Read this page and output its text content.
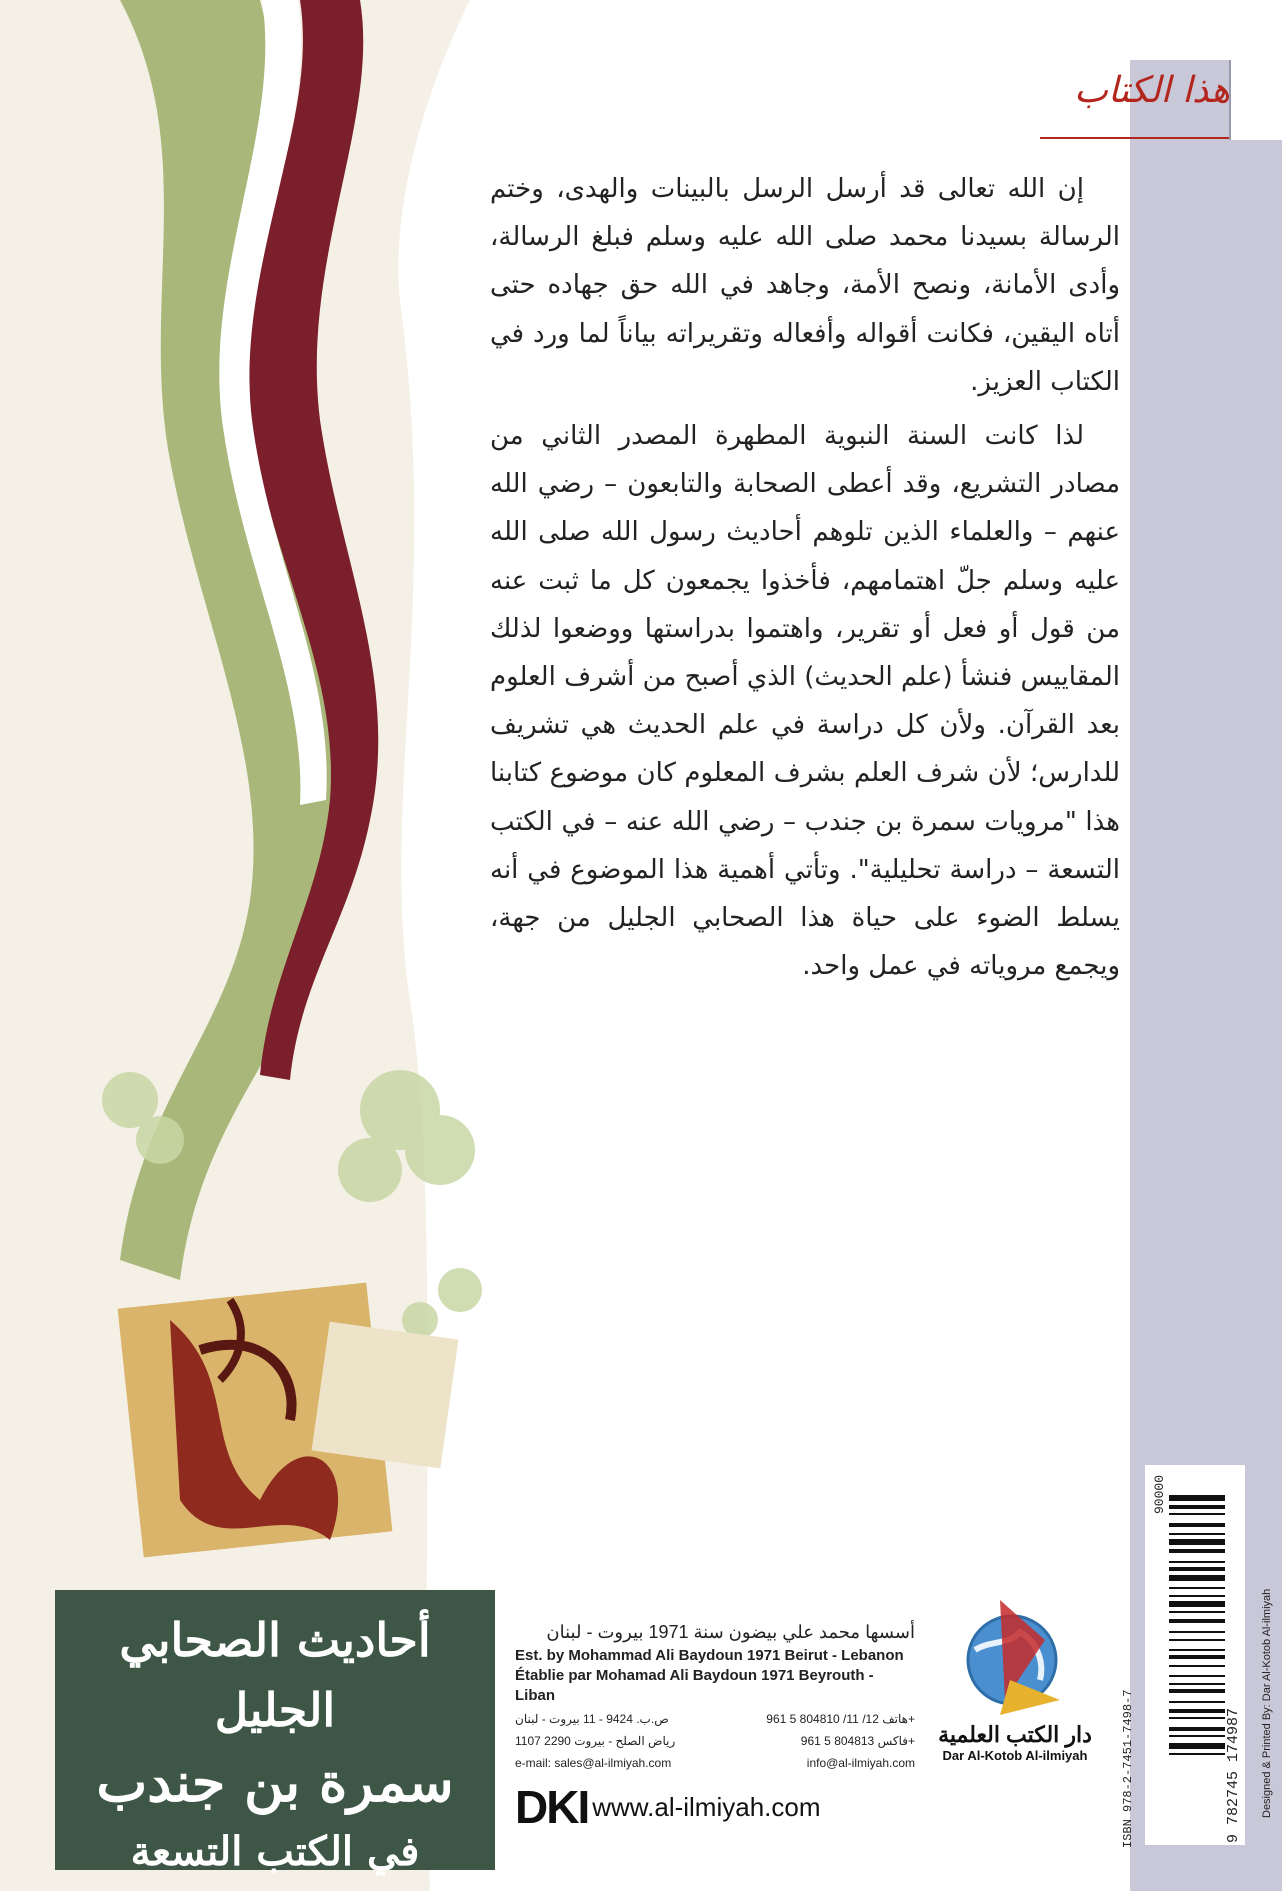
هذا الكتاب

إن الله تعالى قد أرسل الرسل بالبينات والهدى، وختم الرسالة بسيدنا محمد صلى الله عليه وسلم فبلغ الرسالة، وأدى الأمانة، ونصح الأمة، وجاهد في الله حق جهاده حتى أتاه اليقين، فكانت أقواله وأفعاله وتقريراته بياناً لما ورد في الكتاب العزيز.

لذا كانت السنة النبوية المطهرة المصدر الثاني من مصادر التشريع، وقد أعطى الصحابة والتابعون – رضي الله عنهم – والعلماء الذين تلوهم أحاديث رسول الله صلى الله عليه وسلم جلّ اهتمامهم، فأخذوا يجمعون كل ما ثبت عنه من قول أو فعل أو تقرير، واهتموا بدراستها ووضعوا لذلك المقاييس فنشأ (علم الحديث) الذي أصبح من أشرف العلوم بعد القرآن. ولأن كل دراسة في علم الحديث هي تشريف للدارس؛ لأن شرف العلم بشرف المعلوم كان موضوع كتابنا هذا "مرويات سمرة بن جندب – رضي الله عنه – في الكتب التسعة – دراسة تحليلية". وتأتي أهمية هذا الموضوع في أنه يسلط الضوء على حياة هذا الصحابي الجليل من جهة، ويجمع مروياته في عمل واحد.

أحاديث الصحابي الجليل
سمرة بن جندب
في الكتب التسعة
أسسها محمد علي بيضون سنة 1971 بيروت - لبنان
Est. by Mohammad Ali Baydoun 1971 Beirut - Lebanon
Établie par Mohamad Ali Baydoun 1971 Beyrouth - Liban
ص.ب. 9424 - 11 بيروت - لبنان	هاتف 12/ 11/ 804810 5 961+
رياض الصلح - بيروت 2290 1107	فاكس 804813 5 961+
e-mail: sales@al-ilmiyah.com	info@al-ilmiyah.com
DKI www.al-ilmiyah.com
دار الكتب العلمية
Dar Al-Kotob Al-ilmiyah
90000
9 782745 174987
ISBN 978-2-7451-7498-7	Designed & Printed By: Dar Al-Kotob Al-ilmiyah
